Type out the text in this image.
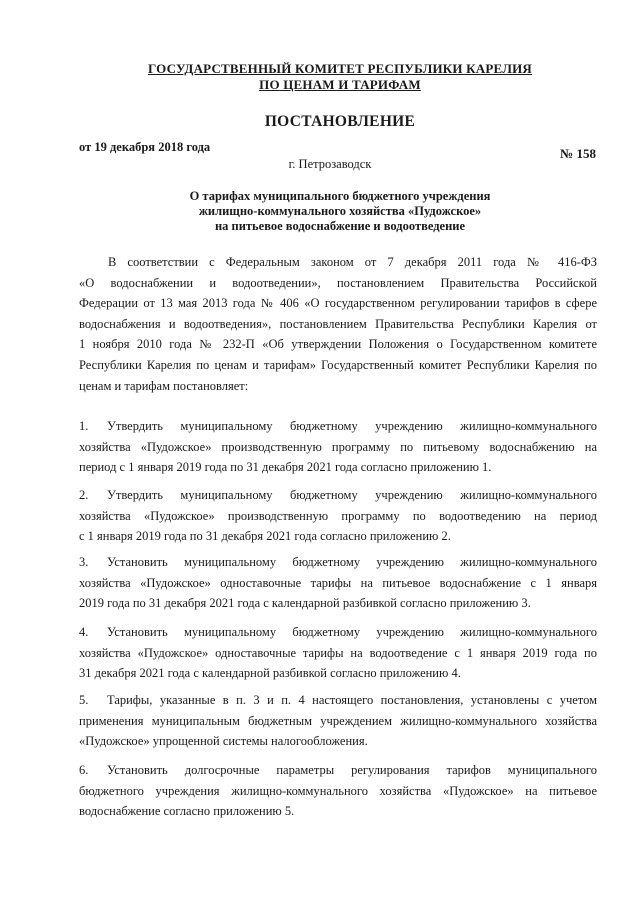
ГОСУДАРСТВЕННЫЙ КОМИТЕТ РЕСПУБЛИКИ КАРЕЛИЯ
ПО ЦЕНАМ И ТАРИФАМ
ПОСТАНОВЛЕНИЕ
от 19 декабря 2018 года	№ 158
г. Петрозаводск
О тарифах муниципального бюджетного учреждения
жилищно-коммунального хозяйства «Пудожское»
на питьевое водоснабжение и водоотведение
В соответствии с Федеральным законом от 7 декабря 2011 года № 416-ФЗ
«О водоснабжении и водоотведении», постановлением Правительства Российской
Федерации от 13 мая 2013 года № 406 «О государственном регулировании тарифов в сфере
водоснабжения и водоотведения», постановлением Правительства Республики Карелия от
1 ноября 2010 года № 232-П «Об утверждении Положения о Государственном комитете
Республики Карелия по ценам и тарифам» Государственный комитет Республики Карелия по
ценам и тарифам постановляет:
1. Утвердить муниципальному бюджетному учреждению жилищно-коммунального
хозяйства «Пудожское» производственную программу по питьевому водоснабжению на
период с 1 января 2019 года по 31 декабря 2021 года согласно приложению 1.
2. Утвердить муниципальному бюджетному учреждению жилищно-коммунального
хозяйства «Пудожское» производственную программу по водоотведению на период
с 1 января 2019 года по 31 декабря 2021 года согласно приложению 2.
3. Установить муниципальному бюджетному учреждению жилищно-коммунального
хозяйства «Пудожское» одноставочные тарифы на питьевое водоснабжение с 1 января
2019 года по 31 декабря 2021 года с календарной разбивкой согласно приложению 3.
4. Установить муниципальному бюджетному учреждению жилищно-коммунального
хозяйства «Пудожское» одноставочные тарифы на водоотведение с 1 января 2019 года по
31 декабря 2021 года с календарной разбивкой согласно приложению 4.
5. Тарифы, указанные в п. 3 и п. 4 настоящего постановления, установлены с учетом
применения муниципальным бюджетным учреждением жилищно-коммунального хозяйства
«Пудожское» упрощенной системы налогообложения.
6. Установить долгосрочные параметры регулирования тарифов муниципального
бюджетного учреждения жилищно-коммунального хозяйства «Пудожское» на питьевое
водоснабжение согласно приложению 5.
